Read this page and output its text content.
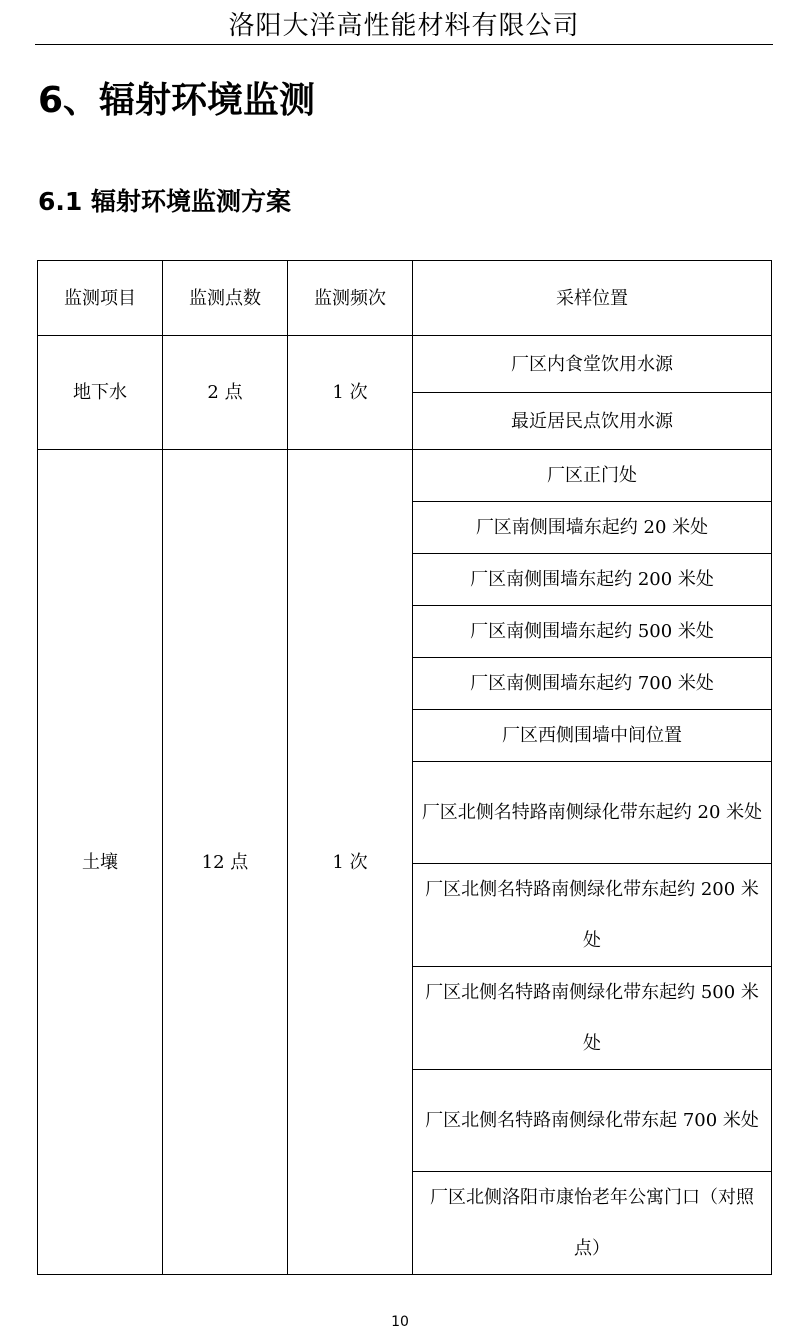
洛阳大洋高性能材料有限公司
6、辐射环境监测
6.1 辐射环境监测方案
监测项目	监测点数	监测频次	采样位置
地下水	2 点	1 次	厂区内食堂饮用水源
			最近居民点饮用水源
土壤	12 点	1 次	厂区正门处
			厂区南侧围墙东起约 20 米处
			厂区南侧围墙东起约 200 米处
			厂区南侧围墙东起约 500 米处
			厂区南侧围墙东起约 700 米处
			厂区西侧围墙中间位置
			厂区北侧名特路南侧绿化带东起约 20 米处
			厂区北侧名特路南侧绿化带东起约 200 米处
			厂区北侧名特路南侧绿化带东起约 500 米处
			厂区北侧名特路南侧绿化带东起 700 米处
			厂区北侧洛阳市康怡老年公寓门口（对照点）
10
